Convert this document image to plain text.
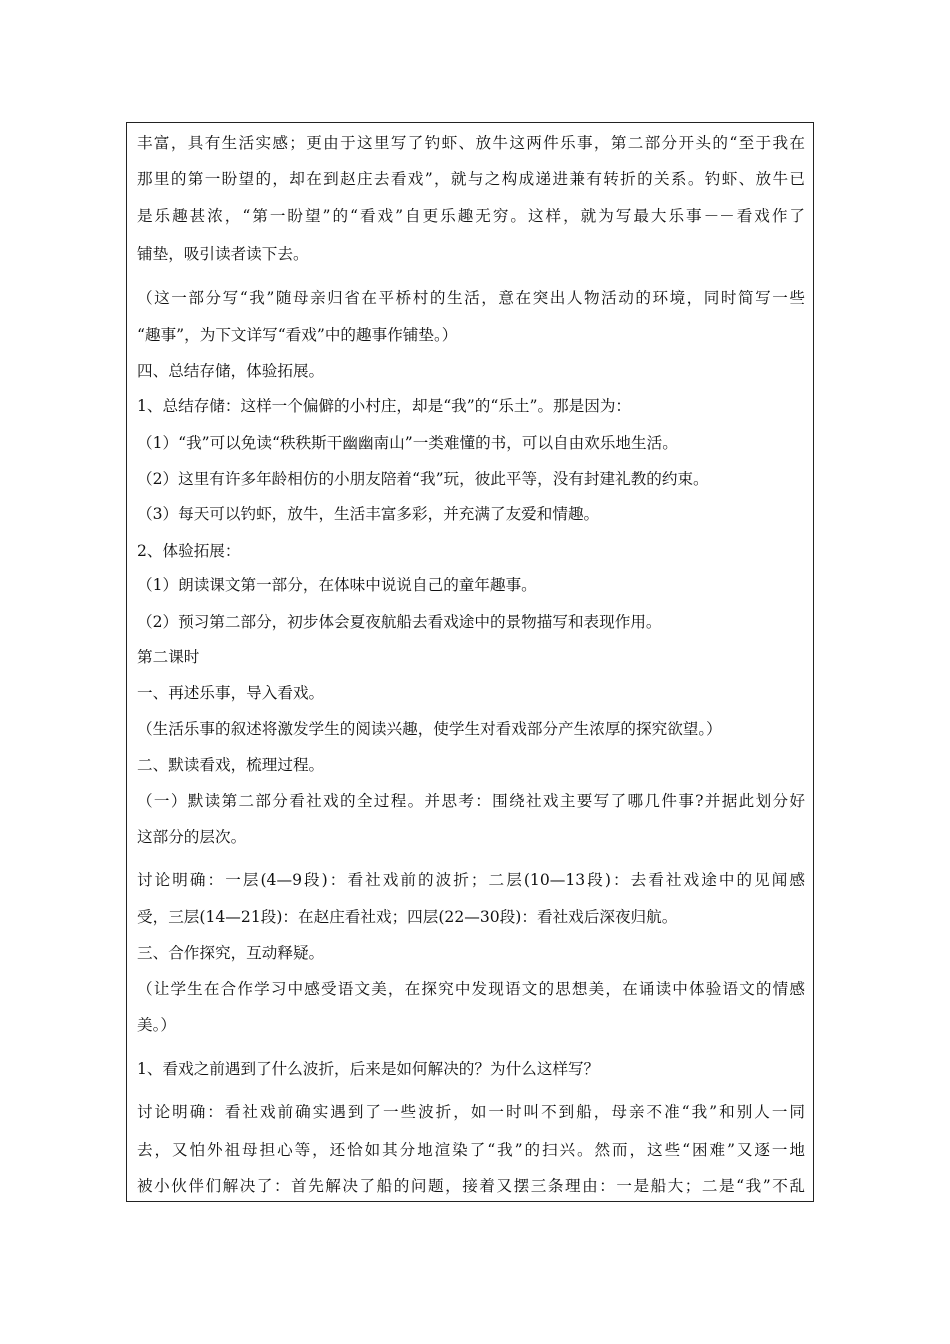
丰富，具有生活实感；更由于这里写了钓虾、放牛这两件乐事，第二部分开头的“至于我在
那里的第一盼望的，却在到赵庄去看戏”，就与之构成递进兼有转折的关系。钓虾、放牛已
是乐趣甚浓，“第一盼望”的“看戏”自更乐趣无穷。这样，就为写最大乐事－－看戏作了
铺垫，吸引读者读下去。
（这一部分写“我”随母亲归省在平桥村的生活，意在突出人物活动的环境，同时简写一些
“趣事”，为下文详写“看戏”中的趣事作铺垫。）
四、总结存储，体验拓展。
1、总结存储：这样一个偏僻的小村庄，却是“我”的“乐土”。那是因为：
（1）“我”可以免读“秩秩斯干幽幽南山”一类难懂的书，可以自由欢乐地生活。
（2）这里有许多年龄相仿的小朋友陪着“我”玩，彼此平等，没有封建礼教的约束。
（3）每天可以钓虾，放牛，生活丰富多彩，并充满了友爱和情趣。
2、体验拓展：
（1）朗读课文第一部分，在体味中说说自己的童年趣事。
（2）预习第二部分，初步体会夏夜航船去看戏途中的景物描写和表现作用。
第二课时
一、再述乐事，导入看戏。
（生活乐事的叙述将激发学生的阅读兴趣，使学生对看戏部分产生浓厚的探究欲望。）
二、默读看戏，梳理过程。
（一）默读第二部分看社戏的全过程。并思考：围绕社戏主要写了哪几件事?并据此划分好
这部分的层次。
讨论明确：一层(4—9段)：看社戏前的波折；二层(10—13段)：去看社戏途中的见闻感
受，三层(14—21段)：在赵庄看社戏；四层(22—30段)：看社戏后深夜归航。
三、合作探究，互动释疑。
（让学生在合作学习中感受语文美，在探究中发现语文的思想美，在诵读中体验语文的情感
美。）
1、看戏之前遇到了什么波折，后来是如何解决的？为什么这样写？
讨论明确：看社戏前确实遇到了一些波折，如一时叫不到船，母亲不准“我”和别人一同
去，又怕外祖母担心等，还恰如其分地渲染了“我”的扫兴。然而，这些“困难”又逐一地
被小伙伴们解决了：首先解决了船的问题，接着又摆三条理由：一是船大；二是“我”不乱
